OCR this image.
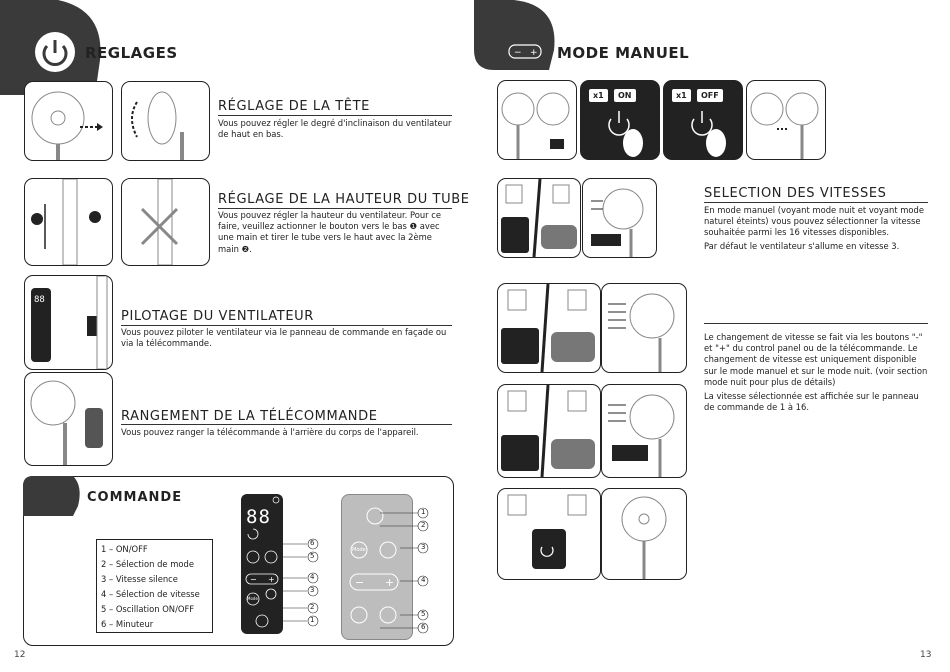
REGLAGES
RÉGLAGE DE LA TÊTE
Vous pouvez régler le degré d'inclinaison du ventilateur de haut en bas.
RÉGLAGE DE LA HAUTEUR DU TUBE
Vous pouvez régler la hauteur du ventilateur. Pour ce faire, veuillez actionner le bouton vers le bas ❶ avec une main et tirer le tube vers le haut avec la 2ème main ❷.
88
PILOTAGE DU VENTILATEUR
Vous pouvez piloter le ventilateur via le panneau de commande en façade ou via la télécommande.
RANGEMENT DE LA TÉLÉCOMMANDE
Vous pouvez ranger la télécommande à l'arrière du corps de l'appareil.
COMMANDE
1 – ON/OFF
2 – Sélection de mode
3 – Vitesse silence
4 – Sélection de vitesse
5 – Oscillation ON/OFF
6 – Minuteur
88
− +
Mode
6
5
4
3
2
1
− +
Mode
1
2
3
4
5
6
12
− + MODE MANUEL
x1	ON	x1	OFF
SELECTION DES VITESSES
En mode manuel (voyant mode nuit et voyant mode naturel éteints) vous pouvez sélectionner la vitesse souhaitée parmi les 16 vitesses disponibles.
Par défaut le ventilateur s'allume en vitesse 3.
Le changement de vitesse se fait via les boutons "-" et "+" du control panel ou de la télécommande. Le changement de vitesse est uniquement disponible sur le mode manuel et sur le mode nuit. (voir section mode nuit pour plus de détails)
La vitesse sélectionnée est affichée sur le panneau de commande de 1 à 16.
13
